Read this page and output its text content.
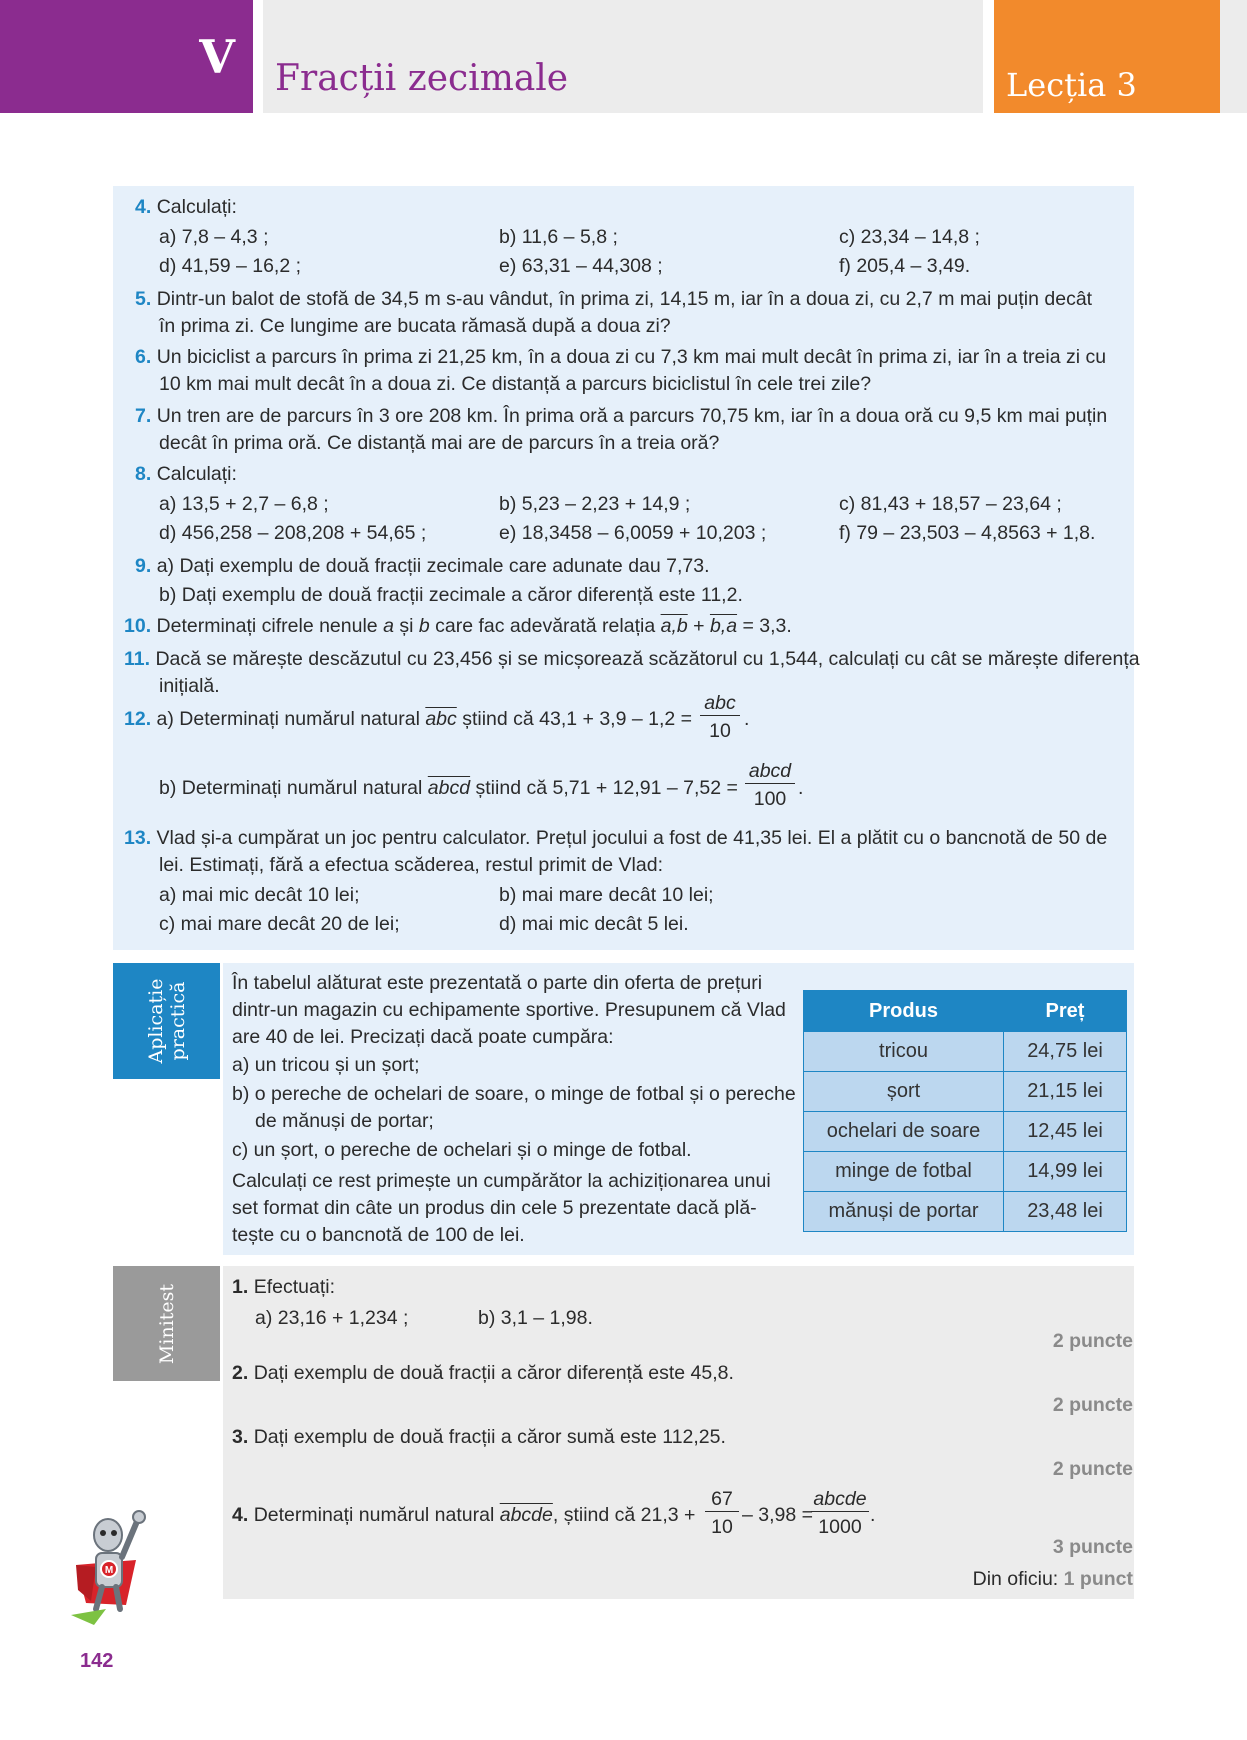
V Fracții zecimale	Lecția 3
4. Calculați:
a) 7,8 – 4,3 ;	b) 11,6 – 5,8 ;	c) 23,34 – 14,8 ;
d) 41,59 – 16,2 ;	e) 63,31 – 44,308 ;	f) 205,4 – 3,49.
5. Dintr-un balot de stofă de 34,5 m s-au vândut, în prima zi, 14,15 m, iar în a doua zi, cu 2,7 m mai puțin decât
în prima zi. Ce lungime are bucata rămasă după a doua zi?
6. Un biciclist a parcurs în prima zi 21,25 km, în a doua zi cu 7,3 km mai mult decât în prima zi, iar în a treia zi cu
10 km mai mult decât în a doua zi. Ce distanță a parcurs biciclistul în cele trei zile?
7. Un tren are de parcurs în 3 ore 208 km. În prima oră a parcurs 70,75 km, iar în a doua oră cu 9,5 km mai puțin
decât în prima oră. Ce distanță mai are de parcurs în a treia oră?
8. Calculați:
a) 13,5 + 2,7 – 6,8 ;	b) 5,23 – 2,23 + 14,9 ;	c) 81,43 + 18,57 – 23,64 ;
d) 456,258 – 208,208 + 54,65 ;	e) 18,3458 – 6,0059 + 10,203 ;	f) 79 – 23,503 – 4,8563 + 1,8.
9. a) Dați exemplu de două fracții zecimale care adunate dau 7,73.
b) Dați exemplu de două fracții zecimale a căror diferență este 11,2.
10. Determinați cifrele nenule a și b care fac adevărată relația a,b + b,a = 3,3.
11. Dacă se mărește descăzutul cu 23,456 și se micșorează scăzătorul cu 1,544, calculați cu cât se mărește diferența
inițială.
12. a) Determinați numărul natural $\overline{abc}$ știind că 43,1 + 3,9 – 1,2 =
abc
10
.
b) Determinați numărul natural abcd știind că 5,71 + 12,91 – 7,52 =
abcd
100 .
13. Vlad și-a cumpărat un joc pentru calculator. Prețul jocului a fost de 41,35 lei. El a plătit cu o bancnotă de 50 de
lei. Estimați, fără a efectua scăderea, restul primit de Vlad:
a) mai mic decât 10 lei;	b) mai mare decât 10 lei;
c) mai mare decât 20 de lei;	d) mai mic decât 5 lei.
Aplicație
practică În tabelul alăturat este prezentată o parte din oferta de prețuri
dintr-un magazin cu echipamente sportive. Presupunem că Vlad
are 40 de lei. Precizați dacă poate cumpăra:
a) un tricou și un șort;
b) o pereche de ochelari de soare, o minge de fotbal și o pereche
de mănuși de portar;
c) un șort, o pereche de ochelari și o minge de fotbal.
Calculați ce rest primește un cumpărător la achiziționarea unui
set format din câte un produs din cele 5 prezentate dacă plă-
tește cu o bancnotă de 100 de lei.
Produs	Preț
tricou	24,75 lei
șort	21,15 lei
ochelari de soare	12,45 lei
minge de fotbal	14,99 lei
mănuși de portar	23,48 lei
Minitest	1. Efectuați:
a) 23,16 + 1,234 ;	b) 3,1 – 1,98.
2 puncte
2. Dați exemplu de două fracții a căror diferență este 45,8.
2 puncte
3. Dați exemplu de două fracții a căror sumă este 112,25.
2 puncte
4. Determinați numărul natural abcde, știind că $21,3 + \frac{67}{10} - 3,98$ =
abcde
1000
.
3 puncte
Din oficiu: 1 punct
M
142
